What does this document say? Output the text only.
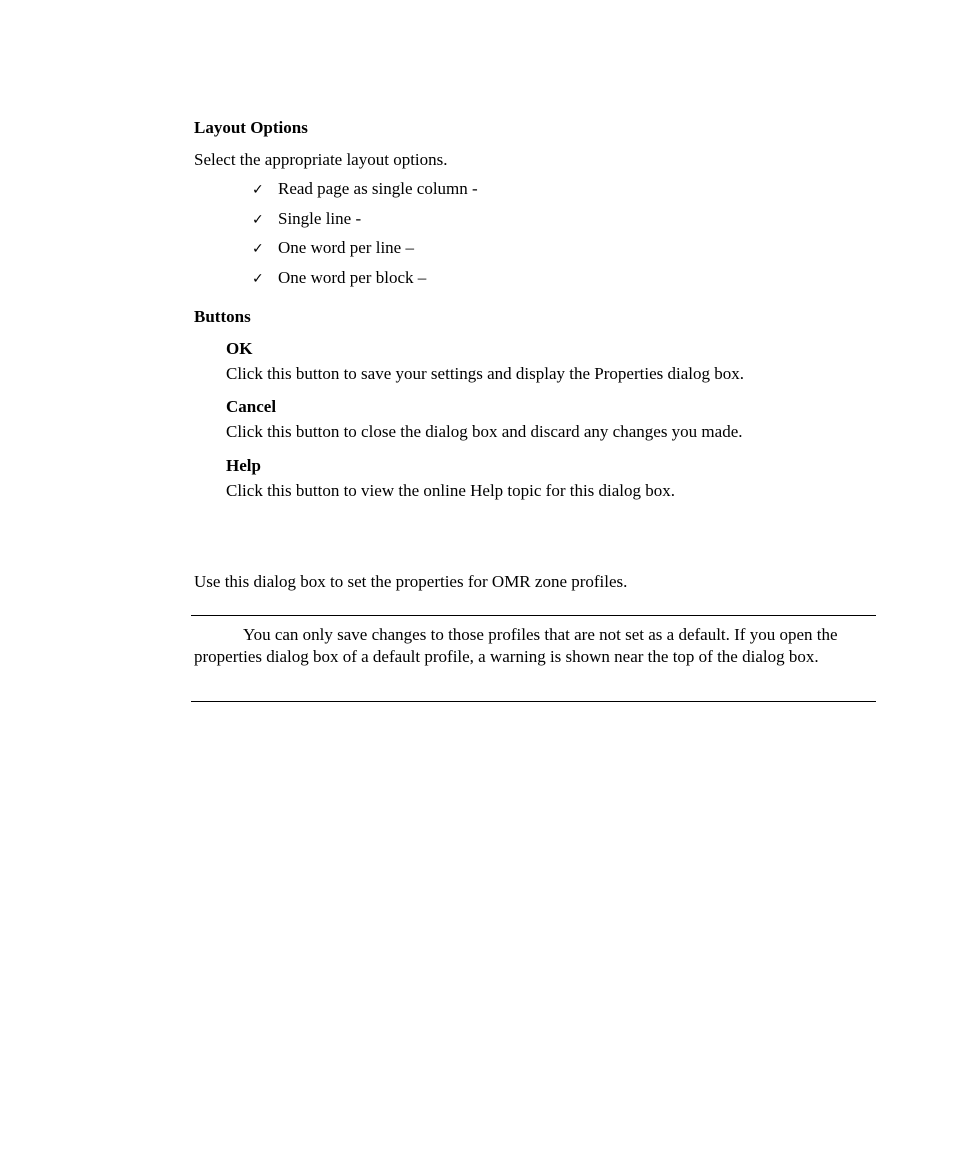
Layout Options
Select the appropriate layout options.
✓ Read page as single column -
✓ Single line -
✓ One word per line –
✓ One word per block –
Buttons
OK
Click this button to save your settings and display the Properties dialog box.
Cancel
Click this button to close the dialog box and discard any changes you made.
Help
Click this button to view the online Help topic for this dialog box.
Use this dialog box to set the properties for OMR zone profiles.
You can only save changes to those profiles that are not set as a default. If you open the properties dialog box of a default profile, a warning is shown near the top of the dialog box.
